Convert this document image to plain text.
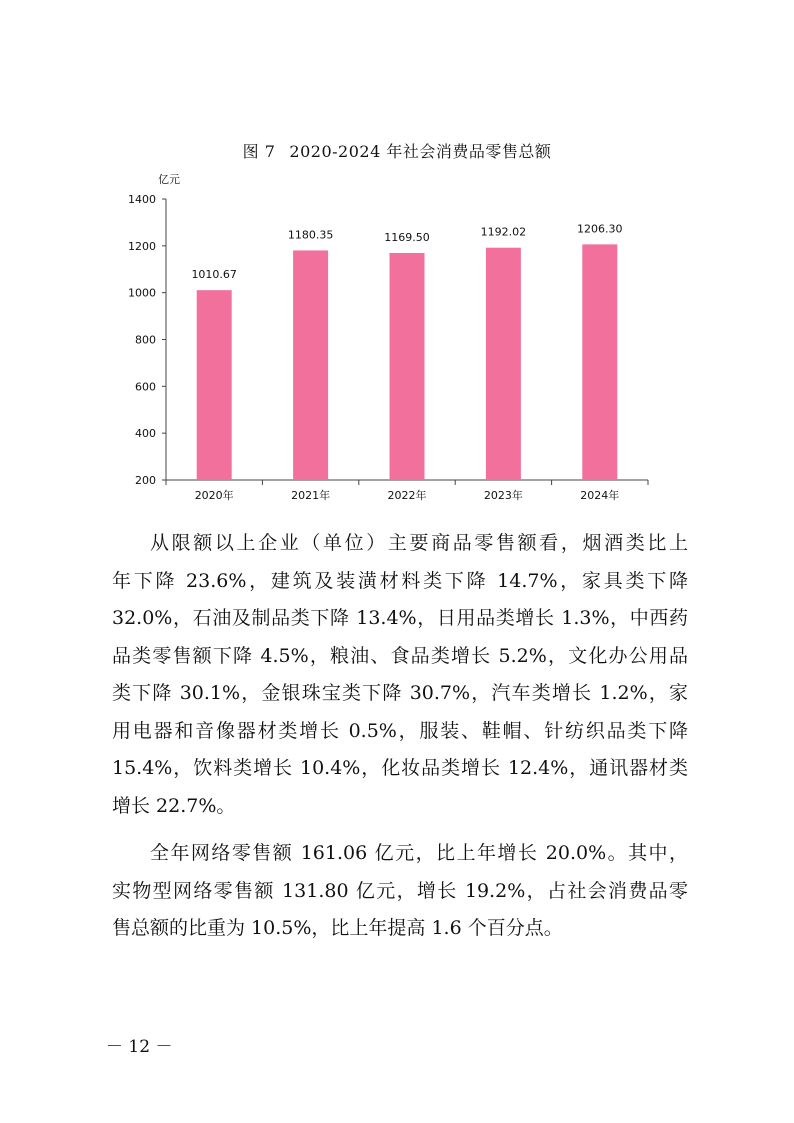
图 7 2020-2024 年社会消费品零售总额
亿元
1400
1200
1000
800
600
400
200
2020年	2021年	2022年	2023年	2024年
1010.67
1180.35	1169.50	1192.02	1206.30
从限额以上企业（单位）主要商品零售额看，烟酒类比上
年下降 23.6%，建筑及装潢材料类下降 14.7%，家具类下降
32.0%，石油及制品类下降 13.4%，日用品类增长 1.3%，中西药
品类零售额下降 4.5%，粮油、食品类增长 5.2%，文化办公用品
类下降 30.1%，金银珠宝类下降 30.7%，汽车类增长 1.2%，家
用电器和音像器材类增长 0.5%，服装、鞋帽、针纺织品类下降
15.4%，饮料类增长 10.4%，化妆品类增长 12.4%，通讯器材类
增长 22.7%。
全年网络零售额 161.06 亿元，比上年增长 20.0%。其中，
实物型网络零售额 131.80 亿元，增长 19.2%，占社会消费品零
售总额的比重为 10.5%，比上年提高 1.6 个百分点。
－ 12 －
